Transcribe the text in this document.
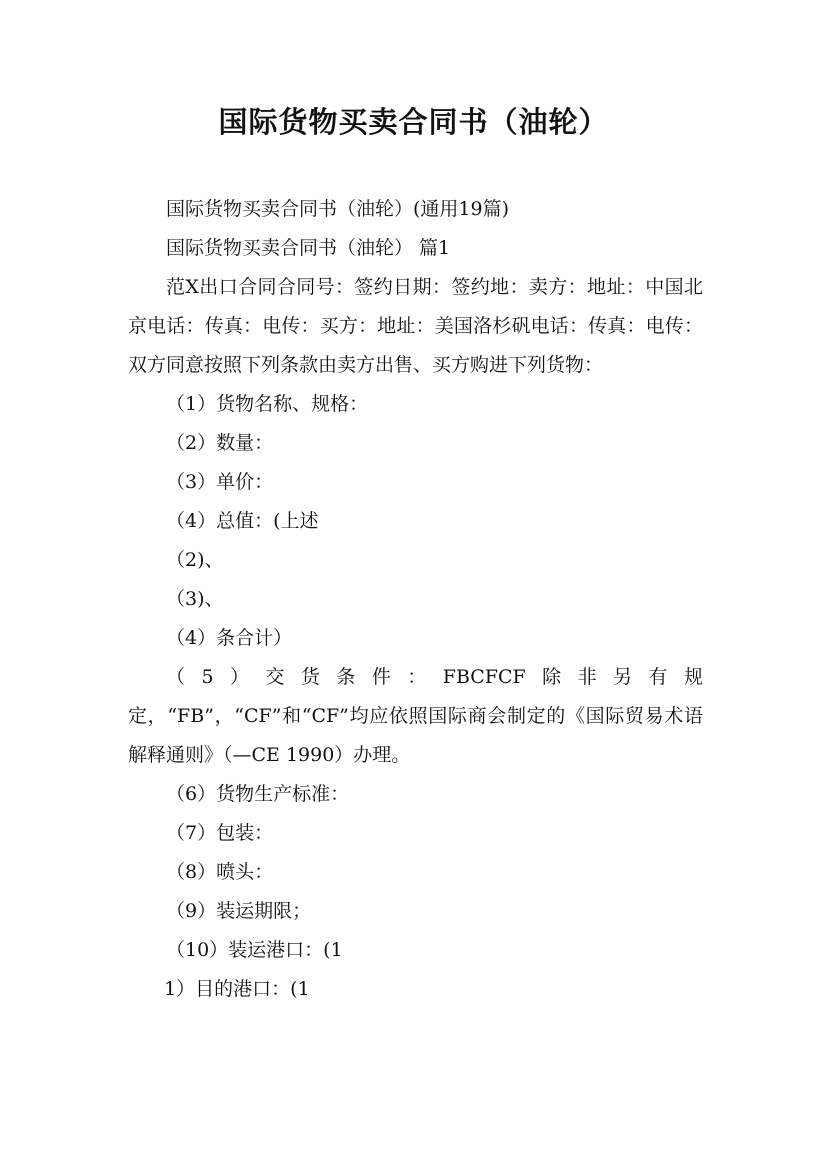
国际货物买卖合同书（油轮）

国际货物买卖合同书（油轮）(通用19篇)

国际货物买卖合同书（油轮） 篇1

范X出口合同合同号：签约日期：签约地：卖方：地址：中国北京电话：传真：电传：买方：地址：美国洛杉矾电话：传真：电传：双方同意按照下列条款由卖方出售、买方购进下列货物：

（1）货物名称、规格：

（2）数量：

（3）单价：

（4）总值：(上述

（2)、

（3)、

（4）条合计）

（5）交货条件：FBCFCF除非另有规定，“FB”，“CF”和“CF”均应依照国际商会制定的《国际贸易术语解释通则》（—CE 1990）办理。

（6）货物生产标准：

（7）包装：

（8）喷头：

（9）装运期限；

（10）装运港口：(1

1）目的港口：(1
